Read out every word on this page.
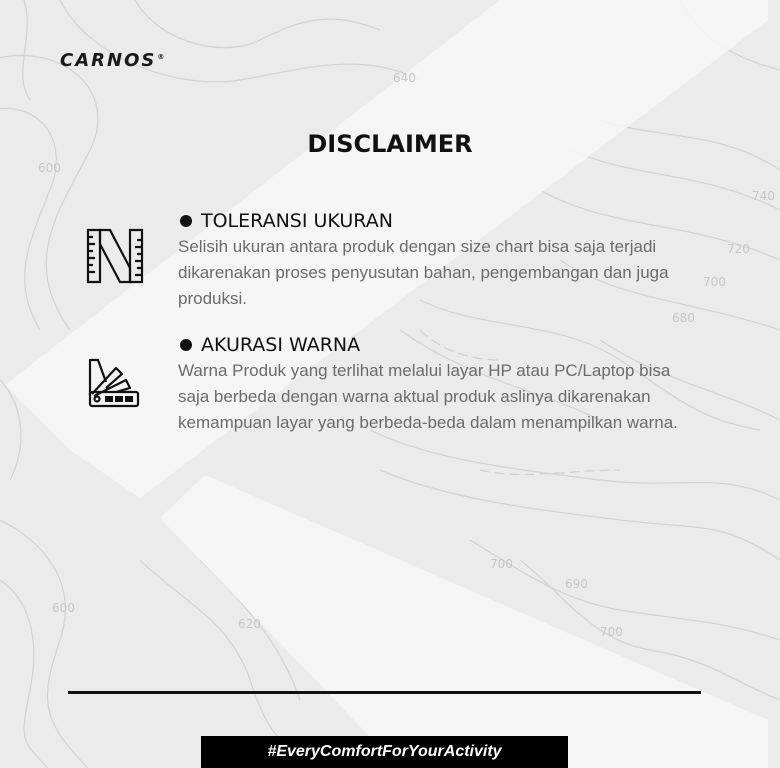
740
720
700
680
700
690
700
600
620
600
640
CARNOS®
DISCLAIMER
TOLERANSI UKURAN
Selisih ukuran antara produk dengan size chart bisa saja terjadi
dikarenakan proses penyusutan bahan, pengembangan dan juga
produksi.
AKURASI WARNA
Warna Produk yang terlihat melalui layar HP atau PC/Laptop bisa
saja berbeda dengan warna aktual produk aslinya dikarenakan
kemampuan layar yang berbeda-beda dalam menampilkan warna.
#EveryComfortForYourActivity
